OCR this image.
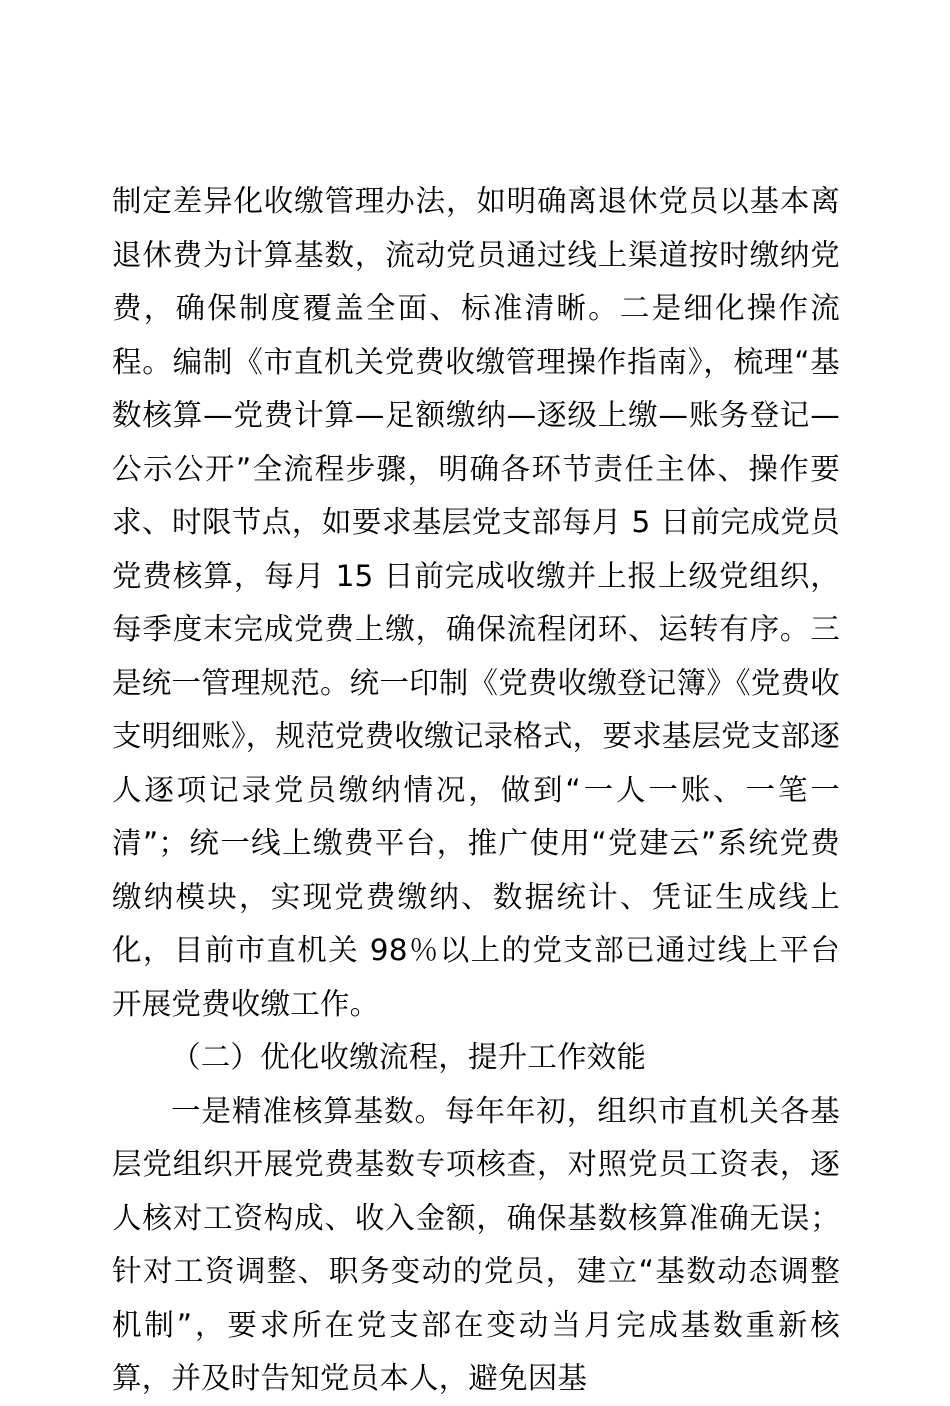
制定差异化收缴管理办法，如明确离退休党员以基本离退休费为计算基数，流动党员通过线上渠道按时缴纳党费，确保制度覆盖全面、标准清晰。二是细化操作流程。编制《市直机关党费收缴管理操作指南》，梳理“基数核算—党费计算—足额缴纳—逐级上缴—账务登记—公示公开”全流程步骤，明确各环节责任主体、操作要求、时限节点，如要求基层党支部每月 5 日前完成党员党费核算，每月 15 日前完成收缴并上报上级党组织，每季度末完成党费上缴，确保流程闭环、运转有序。三是统一管理规范。统一印制《党费收缴登记簿》《党费收支明细账》，规范党费收缴记录格式，要求基层党支部逐人逐项记录党员缴纳情况，做到“一人一账、一笔一清”；统一线上缴费平台，推广使用“党建云”系统党费缴纳模块，实现党费缴纳、数据统计、凭证生成线上化，目前市直机关 98％以上的党支部已通过线上平台开展党费收缴工作。

（二）优化收缴流程，提升工作效能

一是精准核算基数。每年年初，组织市直机关各基层党组织开展党费基数专项核查，对照党员工资表，逐人核对工资构成、收入金额，确保基数核算准确无误；针对工资调整、职务变动的党员，建立“基数动态调整机制”，要求所在党支部在变动当月完成基数重新核算，并及时告知党员本人，避免因基
